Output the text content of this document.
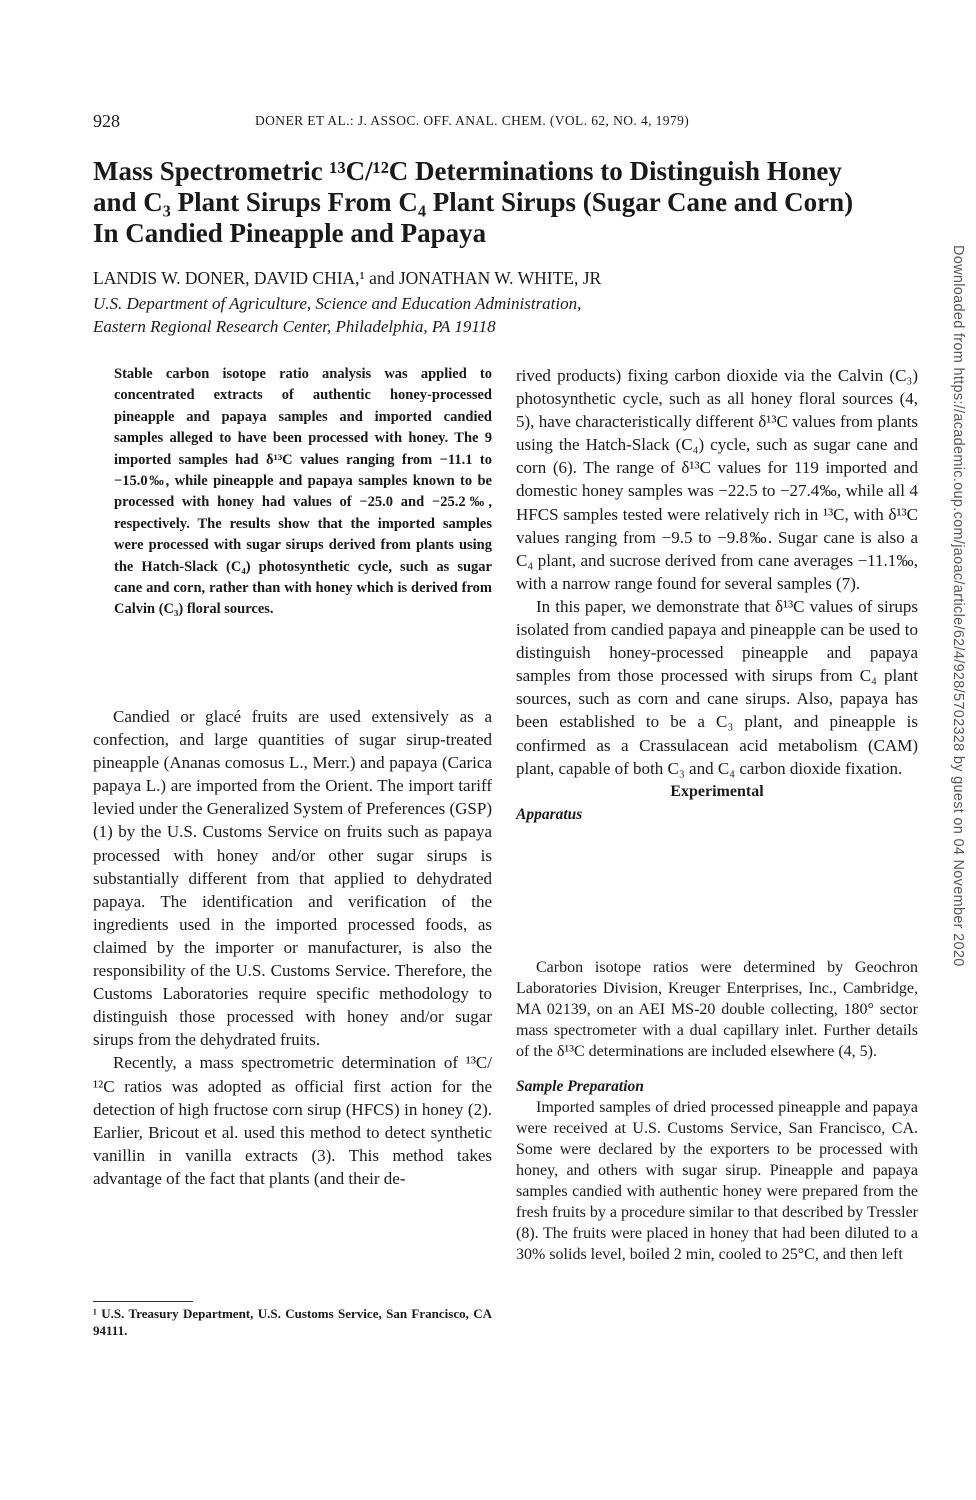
928	DONER ET AL.: J. ASSOC. OFF. ANAL. CHEM. (VOL. 62, NO. 4, 1979)
Mass Spectrometric ¹³C/¹²C Determinations to Distinguish Honey
and C₃ Plant Sirups From C₄ Plant Sirups (Sugar Cane and Corn)
In Candied Pineapple and Papaya
LANDIS W. DONER, DAVID CHIA,¹ and JONATHAN W. WHITE, JR
U.S. Department of Agriculture, Science and Education Administration,
Eastern Regional Research Center, Philadelphia, PA 19118
Stable carbon isotope ratio analysis was applied to concentrated extracts of authentic honey-processed pineapple and papaya samples and imported candied samples alleged to have been processed with honey. The 9 imported samples had δ¹³C values ranging from −11.1 to −15.0‰, while pineapple and papaya samples known to be processed with honey had values of −25.0 and −25.2‰, respectively. The results show that the imported samples were processed with sugar sirups derived from plants using the Hatch-Slack (C₄) photosynthetic cycle, such as sugar cane and corn, rather than with honey which is derived from Calvin (C₃) floral sources.

Candied or glacé fruits are used extensively as a confection, and large quantities of sugar sirup-treated pineapple (Ananas comosus L., Merr.) and papaya (Carica papaya L.) are imported from the Orient. The import tariff levied under the Generalized System of Preferences (GSP) (1) by the U.S. Customs Service on fruits such as papaya processed with honey and/or other sugar sirups is substantially different from that applied to dehydrated papaya. The identification and verification of the ingredients used in the imported processed foods, as claimed by the importer or manufacturer, is also the responsibility of the U.S. Customs Service. Therefore, the Customs Laboratories require specific methodology to distinguish those processed with honey and/or sugar sirups from the dehydrated fruits.

Recently, a mass spectrometric determination of ¹³C/¹²C ratios was adopted as official first action for the detection of high fructose corn sirup (HFCS) in honey (2). Earlier, Bricout et al. used this method to detect synthetic vanillin in vanilla extracts (3). This method takes advantage of the fact that plants (and their de-

¹ U.S. Treasury Department, U.S. Customs Service, San Francisco, CA 94111.

rived products) fixing carbon dioxide via the Calvin (C₃) photosynthetic cycle, such as all honey floral sources (4, 5), have characteristically different δ¹³C values from plants using the Hatch-Slack (C₄) cycle, such as sugar cane and corn (6). The range of δ¹³C values for 119 imported and domestic honey samples was −22.5 to −27.4‰, while all 4 HFCS samples tested were relatively rich in ¹³C, with δ¹³C values ranging from −9.5 to −9.8‰. Sugar cane is also a C₄ plant, and sucrose derived from cane averages −11.1‰, with a narrow range found for several samples (7).

In this paper, we demonstrate that δ¹³C values of sirups isolated from candied papaya and pineapple can be used to distinguish honey-processed pineapple and papaya samples from those processed with sirups from C₄ plant sources, such as corn and cane sirups. Also, papaya has been established to be a C₃ plant, and pineapple is confirmed as a Crassulacean acid metabolism (CAM) plant, capable of both C₃ and C₄ carbon dioxide fixation.

Experimental

Apparatus

Carbon isotope ratios were determined by Geochron Laboratories Division, Kreuger Enterprises, Inc., Cambridge, MA 02139, on an AEI MS-20 double collecting, 180° sector mass spectrometer with a dual capillary inlet. Further details of the δ¹³C determinations are included elsewhere (4, 5).

Sample Preparation

Imported samples of dried processed pineapple and papaya were received at U.S. Customs Service, San Francisco, CA. Some were declared by the exporters to be processed with honey, and others with sugar sirup. Pineapple and papaya samples candied with authentic honey were prepared from the fresh fruits by a procedure similar to that described by Tressler (8). The fruits were placed in honey that had been diluted to a 30% solids level, boiled 2 min, cooled to 25°C, and then left

Downloaded from https://academic.oup.com/jaoac/article/62/4/928/5702328 by guest on 04 November 2020
